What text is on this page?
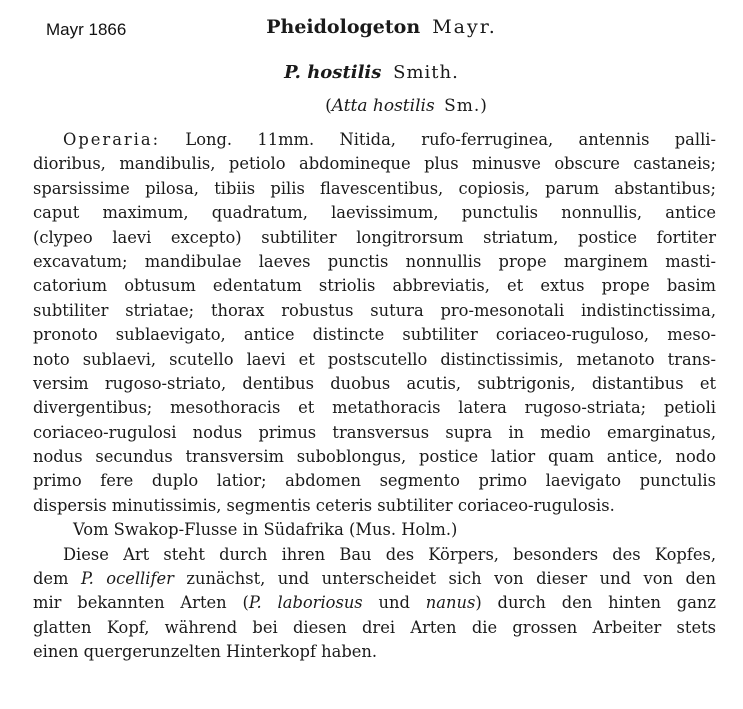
Mayr 1866	Pheidologeton Mayr.
P. hostilis Smith.
(Atta hostilis Sm.)
Operaria: Long. 11mm. Nitida, rufo-ferruginea, antennis palli-
dioribus, mandibulis, petiolo abdomineque plus minusve obscure castaneis;
sparsissime pilosa, tibiis pilis flavescentibus, copiosis, parum abstantibus;
caput maximum, quadratum, laevissimum, punctulis nonnullis, antice
(clypeo laevi excepto) subtiliter longitrorsum striatum, postice fortiter
excavatum; mandibulae laeves punctis nonnullis prope marginem masti-
catorium obtusum edentatum striolis abbreviatis, et extus prope basim
subtiliter striatae; thorax robustus sutura pro-mesonotali indistinctissima,
pronoto sublaevigato, antice distincte subtiliter coriaceo-ruguloso, meso-
noto sublaevi, scutello laevi et postscutello distinctissimis, metanoto trans-
versim rugoso-striato, dentibus duobus acutis, subtrigonis, distantibus et
divergentibus; mesothoracis et metathoracis latera rugoso-striata; petioli
coriaceo-rugulosi nodus primus transversus supra in medio emarginatus,
nodus secundus transversim suboblongus, postice latior quam antice, nodo
primo fere duplo latior; abdomen segmento primo laevigato punctulis
dispersis minutissimis, segmentis ceteris subtiliter coriaceo-rugulosis.
Vom Swakop-Flusse in Südafrika (Mus. Holm.)
Diese Art steht durch ihren Bau des Körpers, besonders des Kopfes,
dem P. ocellifer zunächst, und unterscheidet sich von dieser und von den
mir bekannten Arten (P. laboriosus und nanus) durch den hinten ganz
glatten Kopf, während bei diesen drei Arten die grossen Arbeiter stets
einen quergerunzelten Hinterkopf haben.
